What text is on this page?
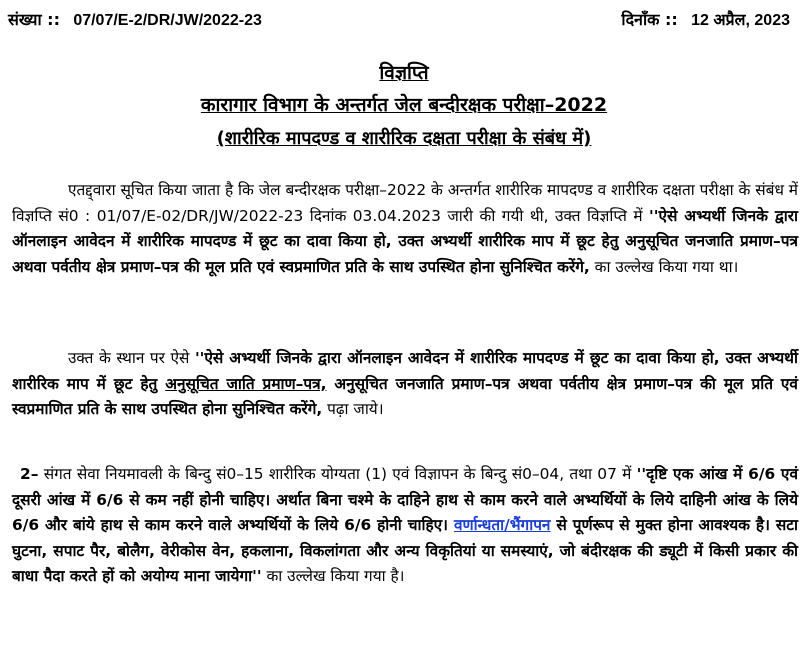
संख्या :: 07/07/E-2/DR/JW/2022-23	दिनाँक :: 12 अप्रैल, 2023
विज्ञप्ति
कारागार विभाग के अन्तर्गत जेल बन्दीरक्षक परीक्षा–2022
(शारीरिक मापदण्ड व शारीरिक दक्षता परीक्षा के संबंध में)
एतद्द्वारा सूचित किया जाता है कि जेल बन्दीरक्षक परीक्षा–2022 के अन्तर्गत शारीरिक मापदण्ड व शारीरिक दक्षता परीक्षा के संबंध में विज्ञप्ति सं0 : 01/07/E-02/DR/JW/2022-23 दिनांक 03.04.2023 जारी की गयी थी, उक्त विज्ञप्ति में ''ऐसे अभ्यर्थी जिनके द्वारा ऑनलाइन आवेदन में शारीरिक मापदण्ड में छूट का दावा किया हो, उक्त अभ्यर्थी शारीरिक माप में छूट हेतु अनुसूचित जनजाति प्रमाण–पत्र अथवा पर्वतीय क्षेत्र प्रमाण–पत्र की मूल प्रति एवं स्वप्रमाणित प्रति के साथ उपस्थित होना सुनिश्चित करेंगे, का उल्लेख किया गया था।
उक्त के स्थान पर ऐसे ''ऐसे अभ्यर्थी जिनके द्वारा ऑनलाइन आवेदन में शारीरिक मापदण्ड में छूट का दावा किया हो, उक्त अभ्यर्थी शारीरिक माप में छूट हेतु अनुसूचित जाति प्रमाण–पत्र, अनुसूचित जनजाति प्रमाण–पत्र अथवा पर्वतीय क्षेत्र प्रमाण–पत्र की मूल प्रति एवं स्वप्रमाणित प्रति के साथ उपस्थित होना सुनिश्चित करेंगे, पढ़ा जाये।
2– संगत सेवा नियमावली के बिन्दु सं0–15 शारीरिक योग्यता (1) एवं विज्ञापन के बिन्दु सं0–04, तथा 07 में ''दृष्टि एक आंख में 6/6 एवं दूसरी आंख में 6/6 से कम नहीं होनी चाहिए। अर्थात बिना चश्मे के दाहिने हाथ से काम करने वाले अभ्यर्थियों के लिये दाहिनी आंख के लिये 6/6 और बांये हाथ से काम करने वाले अभ्यर्थियों के लिये 6/6 होनी चाहिए। वर्णान्धता/भैंगापन से पूर्णरूप से मुक्त होना आवश्यक है। सटा घुटना, सपाट पैर, बोलैग, वेरीकोस वेन, हकलाना, विकलांगता और अन्य विकृतियां या समस्याएं, जो बंदीरक्षक की ड्यूटी में किसी प्रकार की बाधा पैदा करते हों को अयोग्य माना जायेगा'' का उल्लेख किया गया है।
